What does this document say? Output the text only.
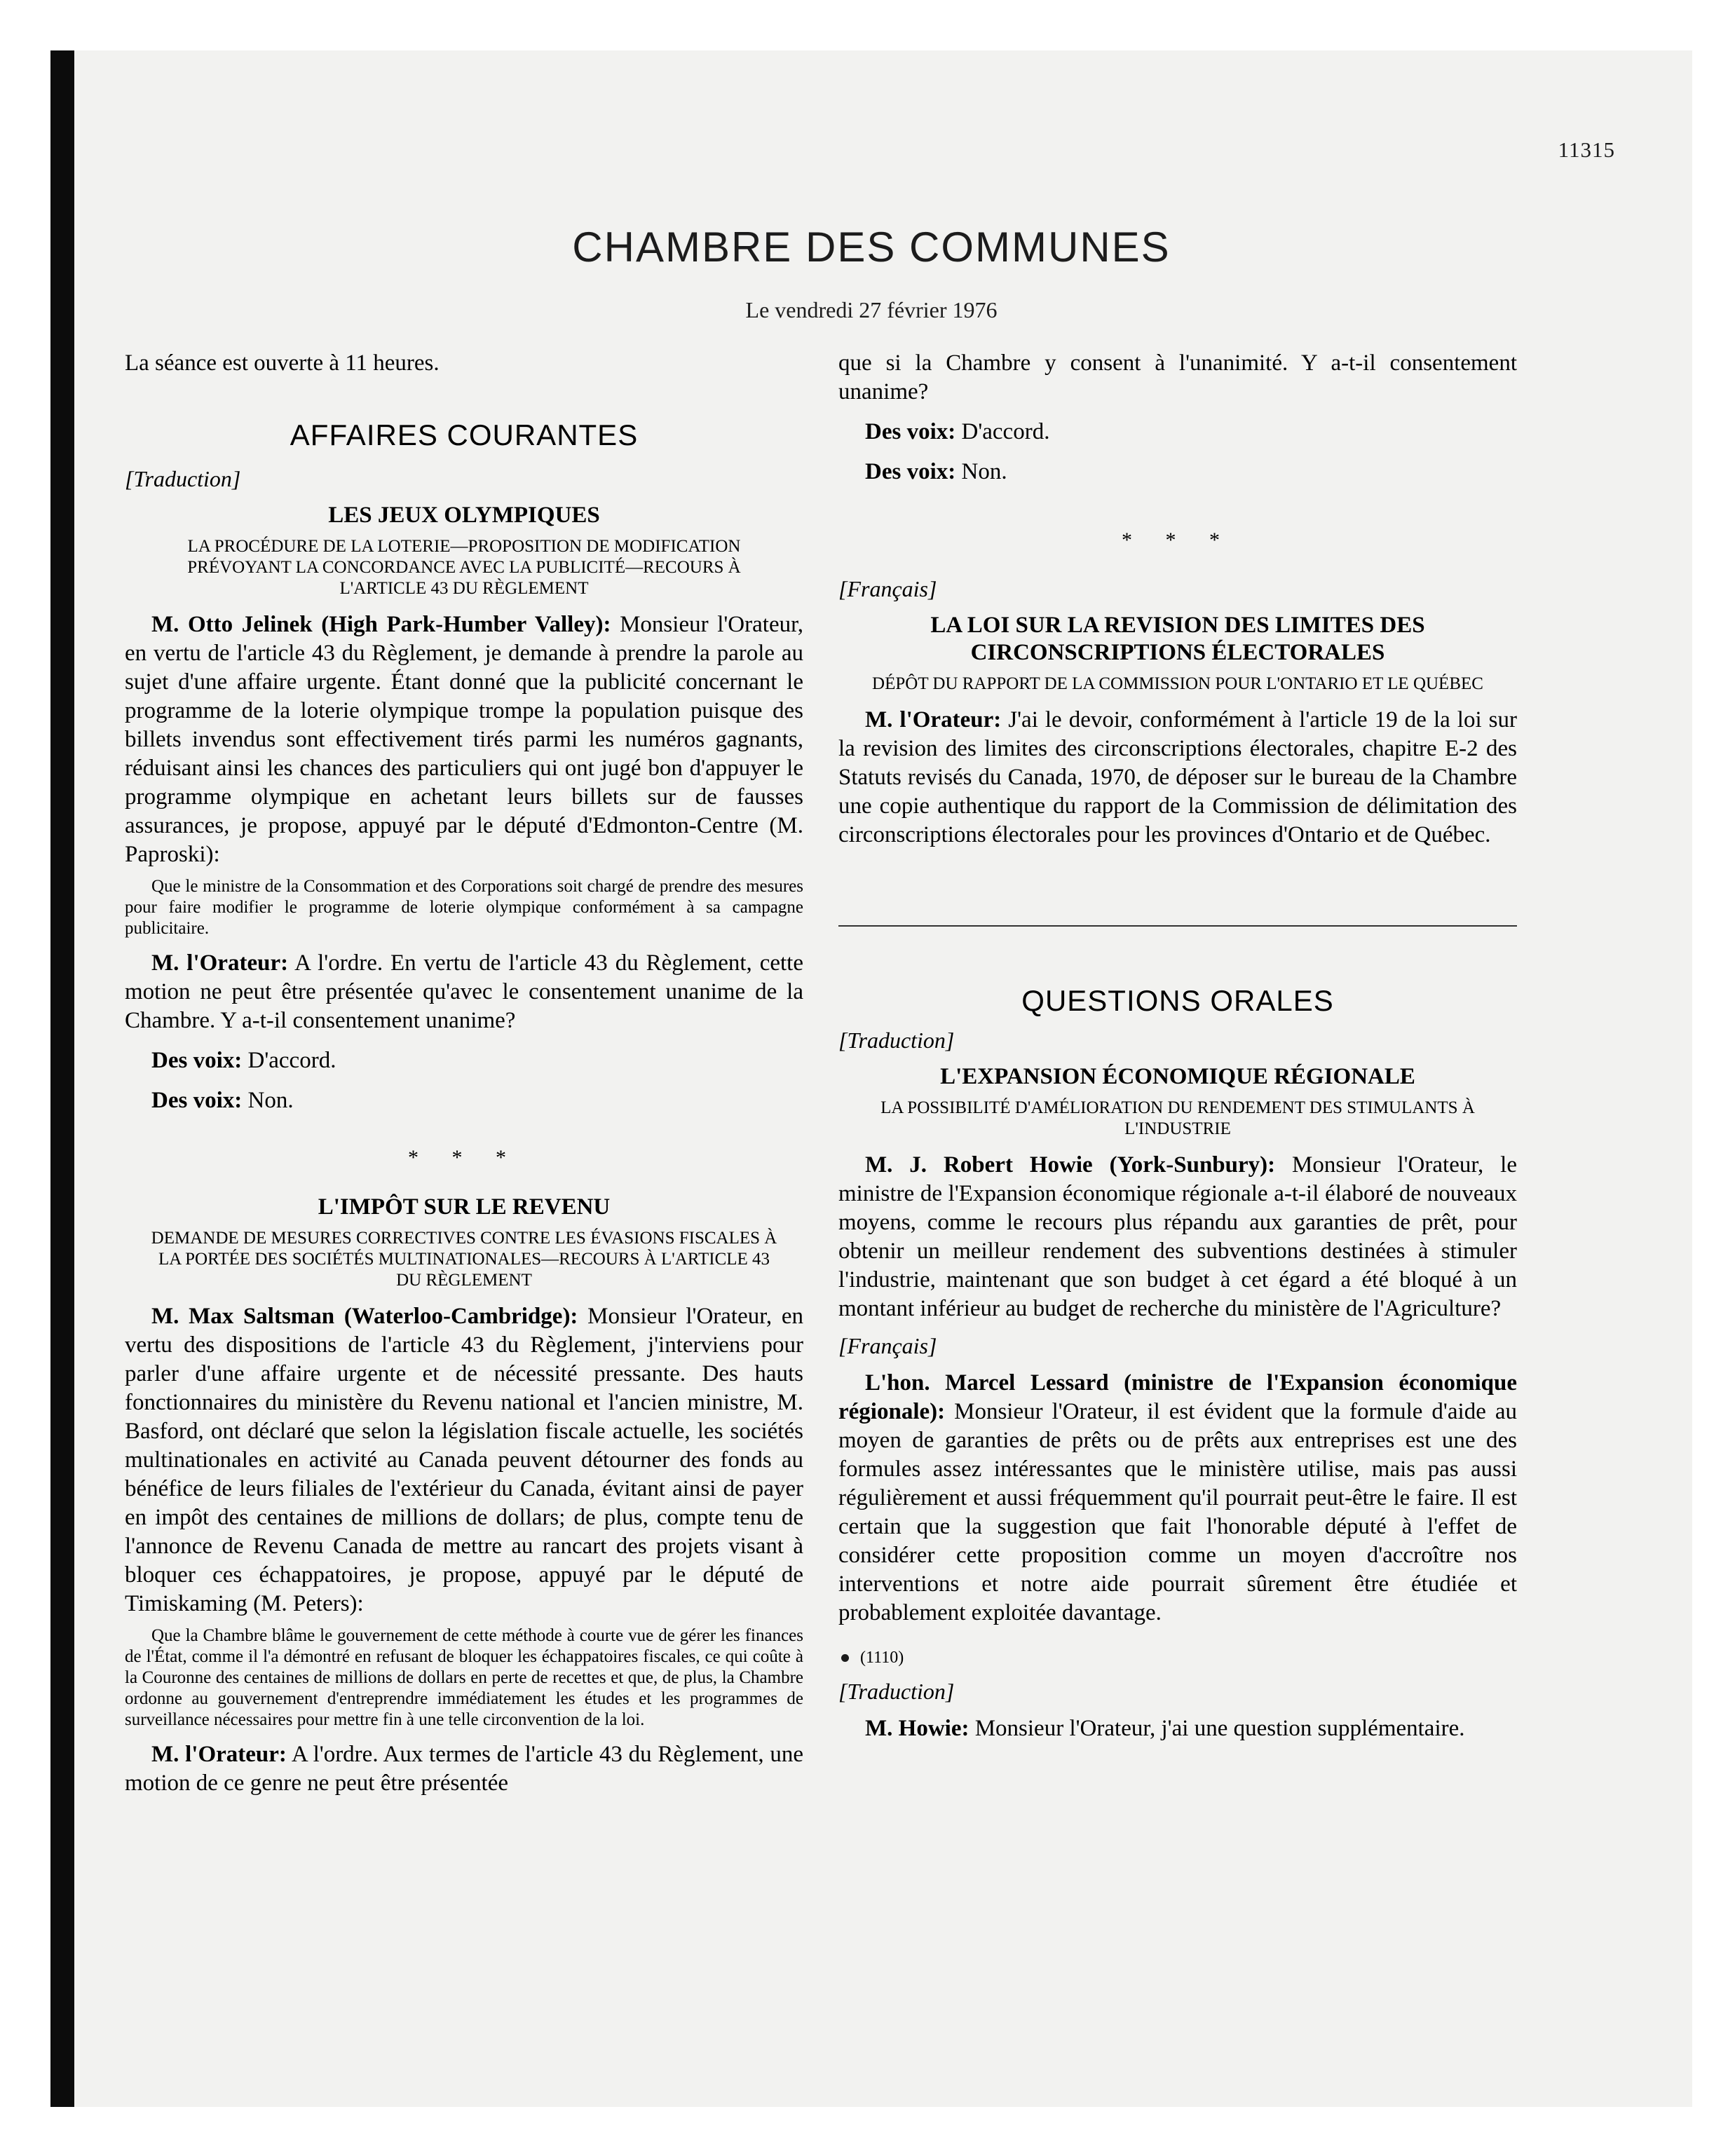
11315
CHAMBRE DES COMMUNES
Le vendredi 27 février 1976

La séance est ouverte à 11 heures.

AFFAIRES COURANTES
[Traduction]
LES JEUX OLYMPIQUES
LA PROCÉDURE DE LA LOTERIE—PROPOSITION DE MODIFICATION PRÉVOYANT LA CONCORDANCE AVEC LA PUBLICITÉ—RECOURS À L'ARTICLE 43 DU RÈGLEMENT

M. Otto Jelinek (High Park-Humber Valley): Monsieur l'Orateur, en vertu de l'article 43 du Règlement, je demande à prendre la parole au sujet d'une affaire urgente. Étant donné que la publicité concernant le programme de la loterie olympique trompe la population puisque des billets invendus sont effectivement tirés parmi les numéros gagnants, réduisant ainsi les chances des particuliers qui ont jugé bon d'appuyer le programme olympique en achetant leurs billets sur de fausses assurances, je propose, appuyé par le député d'Edmonton-Centre (M. Paproski):

Que le ministre de la Consommation et des Corporations soit chargé de prendre des mesures pour faire modifier le programme de loterie olympique conformément à sa campagne publicitaire.

M. l'Orateur: A l'ordre. En vertu de l'article 43 du Règlement, cette motion ne peut être présentée qu'avec le consentement unanime de la Chambre. Y a-t-il consentement unanime?

Des voix: D'accord.

Des voix: Non.

* * *
L'IMPÔT SUR LE REVENU
DEMANDE DE MESURES CORRECTIVES CONTRE LES ÉVASIONS FISCALES À LA PORTÉE DES SOCIÉTÉS MULTINATIONALES—RECOURS À L'ARTICLE 43 DU RÈGLEMENT

M. Max Saltsman (Waterloo-Cambridge): Monsieur l'Orateur, en vertu des dispositions de l'article 43 du Règlement, j'interviens pour parler d'une affaire urgente et de nécessité pressante. Des hauts fonctionnaires du ministère du Revenu national et l'ancien ministre, M. Basford, ont déclaré que selon la législation fiscale actuelle, les sociétés multinationales en activité au Canada peuvent détourner des fonds au bénéfice de leurs filiales de l'extérieur du Canada, évitant ainsi de payer en impôt des centaines de millions de dollars; de plus, compte tenu de l'annonce de Revenu Canada de mettre au rancart des projets visant à bloquer ces échappatoires, je propose, appuyé par le député de Timiskaming (M. Peters):

Que la Chambre blâme le gouvernement de cette méthode à courte vue de gérer les finances de l'État, comme il l'a démontré en refusant de bloquer les échappatoires fiscales, ce qui coûte à la Couronne des centaines de millions de dollars en perte de recettes et que, de plus, la Chambre ordonne au gouvernement d'entreprendre immédiatement les études et les programmes de surveillance nécessaires pour mettre fin à une telle circonvention de la loi.

M. l'Orateur: A l'ordre. Aux termes de l'article 43 du Règlement, une motion de ce genre ne peut être présentée

que si la Chambre y consent à l'unanimité. Y a-t-il consentement unanime?

Des voix: D'accord.

Des voix: Non.

* * *
[Français]
LA LOI SUR LA REVISION DES LIMITES DES CIRCONSCRIPTIONS ÉLECTORALES
DÉPÔT DU RAPPORT DE LA COMMISSION POUR L'ONTARIO ET LE QUÉBEC

M. l'Orateur: J'ai le devoir, conformément à l'article 19 de la loi sur la revision des limites des circonscriptions électorales, chapitre E-2 des Statuts revisés du Canada, 1970, de déposer sur le bureau de la Chambre une copie authentique du rapport de la Commission de délimitation des circonscriptions électorales pour les provinces d'Ontario et de Québec.

QUESTIONS ORALES
[Traduction]
L'EXPANSION ÉCONOMIQUE RÉGIONALE
LA POSSIBILITÉ D'AMÉLIORATION DU RENDEMENT DES STIMULANTS À L'INDUSTRIE

M. J. Robert Howie (York-Sunbury): Monsieur l'Orateur, le ministre de l'Expansion économique régionale a-t-il élaboré de nouveaux moyens, comme le recours plus répandu aux garanties de prêt, pour obtenir un meilleur rendement des subventions destinées à stimuler l'industrie, maintenant que son budget à cet égard a été bloqué à un montant inférieur au budget de recherche du ministère de l'Agriculture?

[Français]

L'hon. Marcel Lessard (ministre de l'Expansion économique régionale): Monsieur l'Orateur, il est évident que la formule d'aide au moyen de garanties de prêts ou de prêts aux entreprises est une des formules assez intéressantes que le ministère utilise, mais pas aussi régulièrement et aussi fréquemment qu'il pourrait peut-être le faire. Il est certain que la suggestion que fait l'honorable député à l'effet de considérer cette proposition comme un moyen d'accroître nos interventions et notre aide pourrait sûrement être étudiée et probablement exploitée davantage.

(1110)
[Traduction]

M. Howie: Monsieur l'Orateur, j'ai une question supplémentaire.
